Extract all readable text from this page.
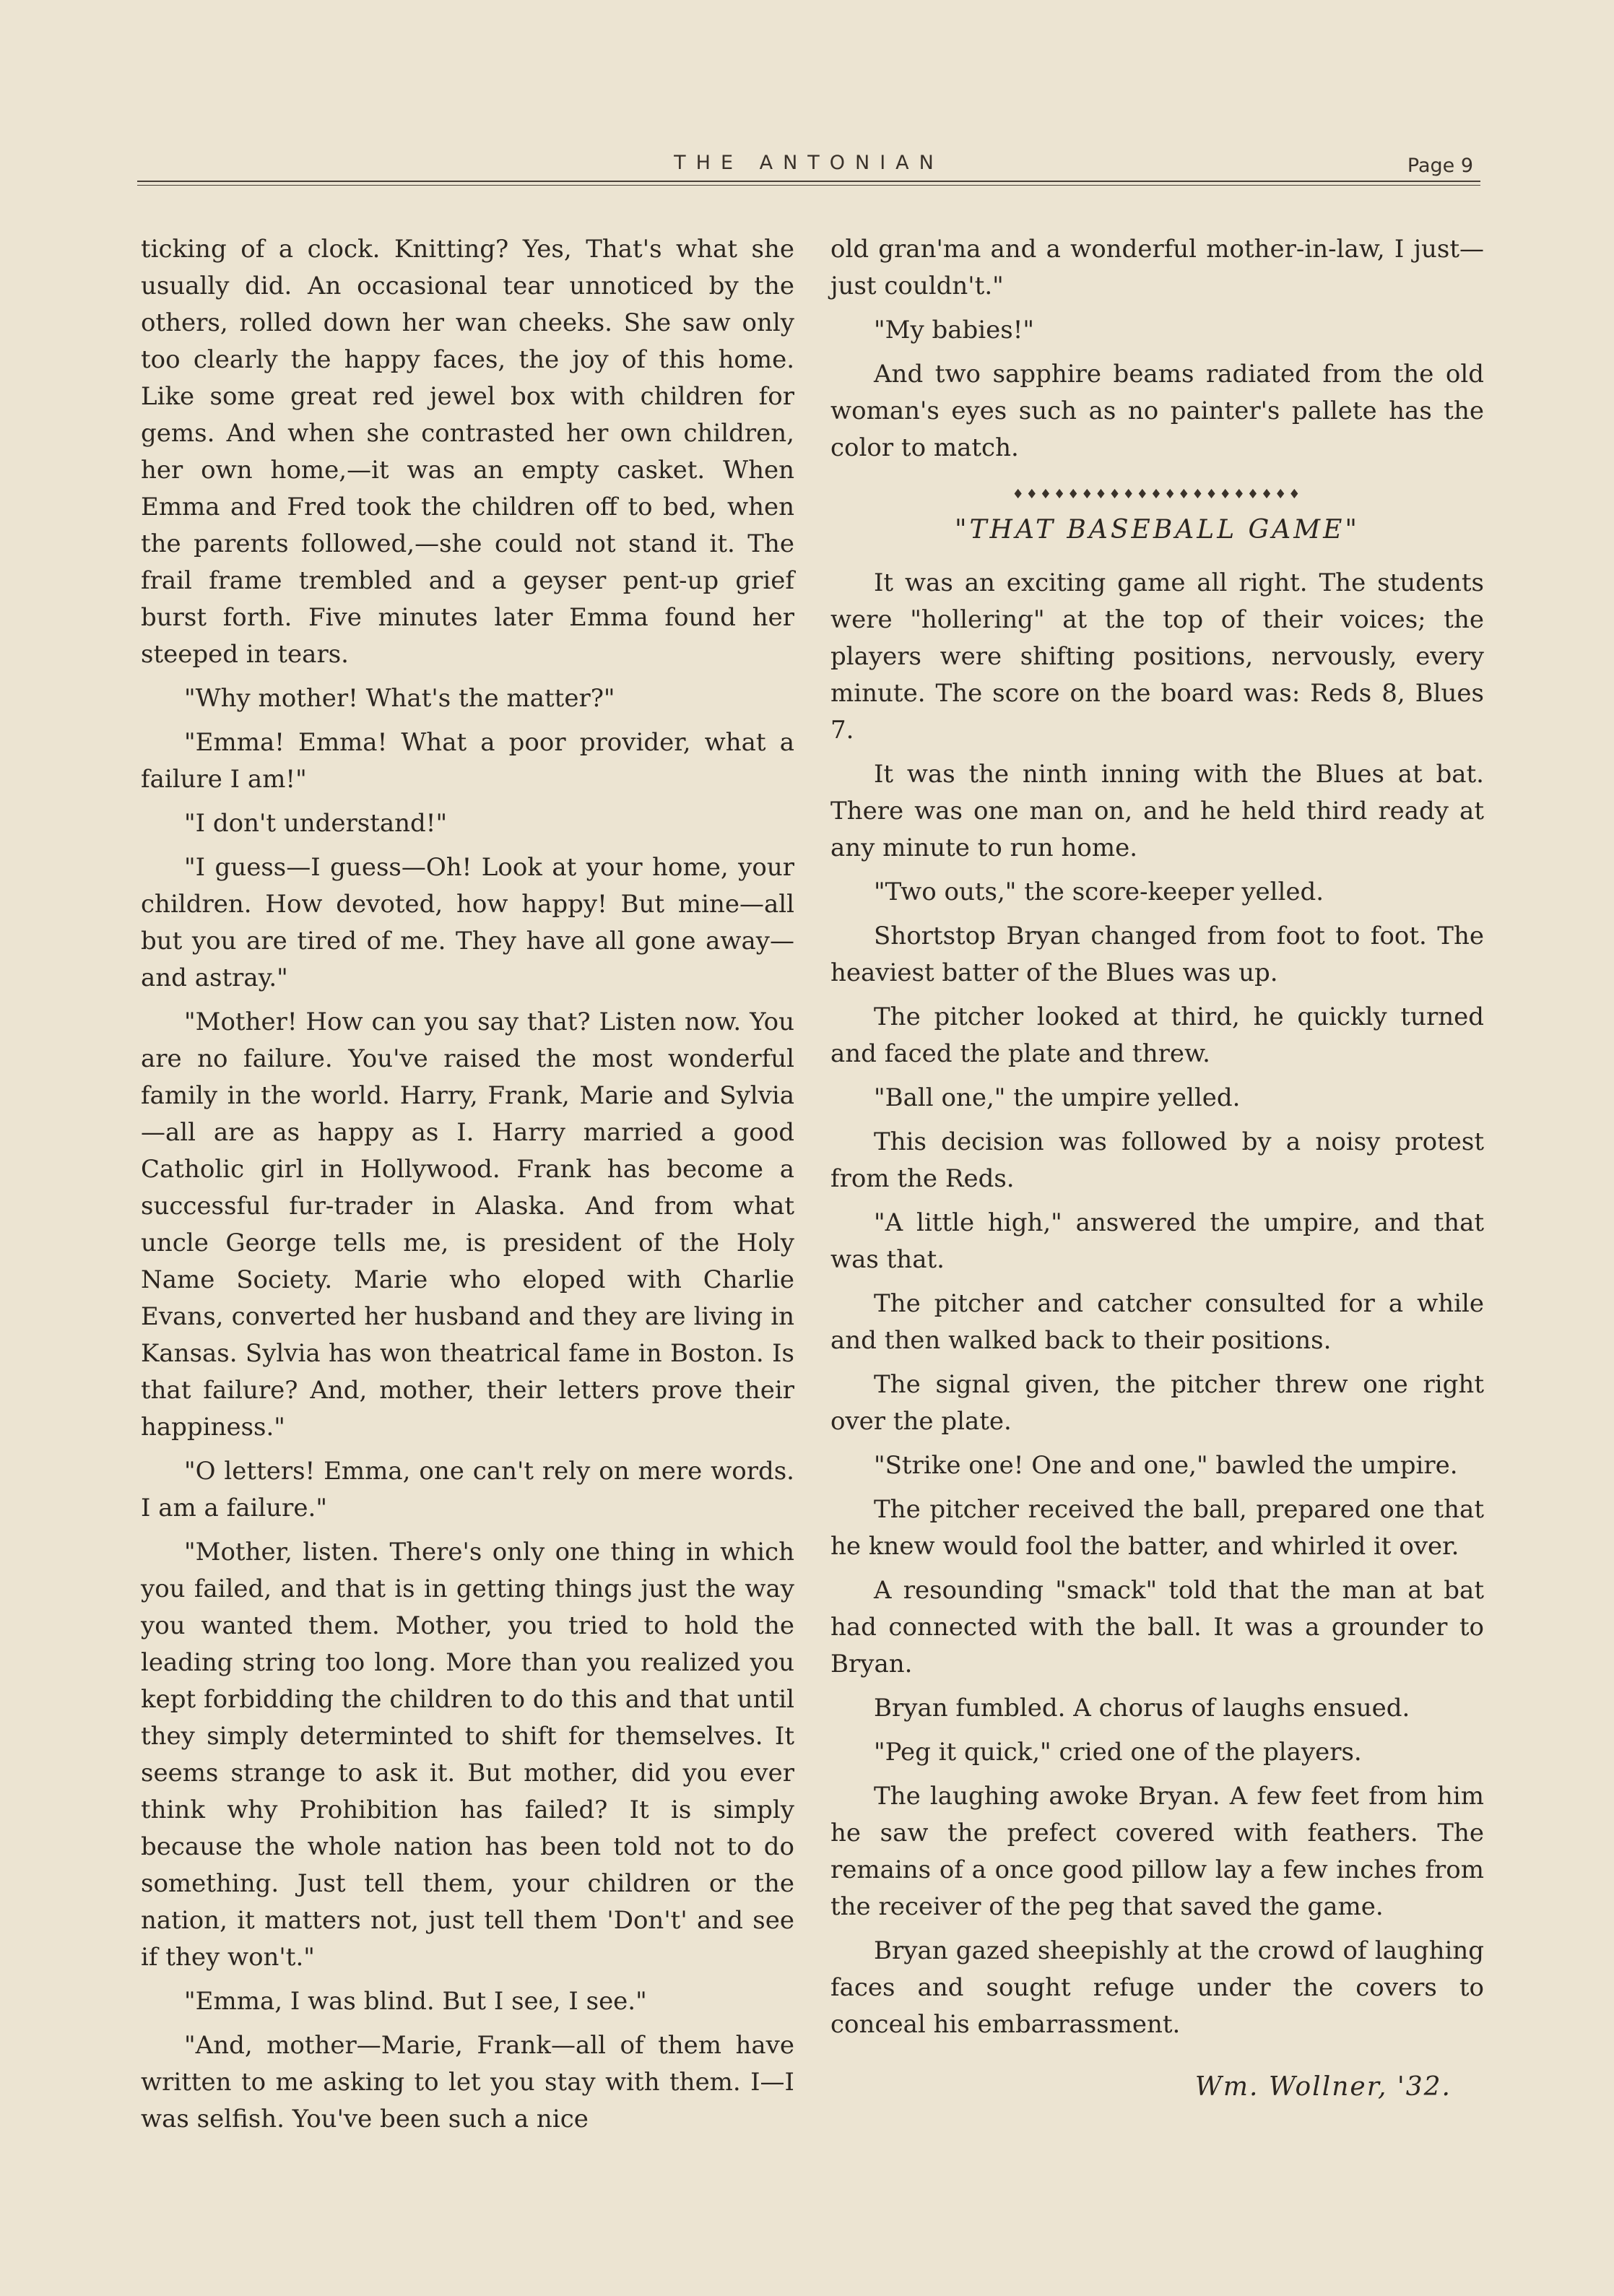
THE ANTONIAN	Page 9

ticking of a clock. Knitting? Yes, That's what she usually did. An occasional tear unnoticed by the others, rolled down her wan cheeks. She saw only too clearly the happy faces, the joy of this home. Like some great red jewel box with children for gems. And when she contrasted her own children, her own home,—it was an empty casket. When Emma and Fred took the children off to bed, when the parents followed,—she could not stand it. The frail frame trembled and a geyser pent-up grief burst forth. Five minutes later Emma found her steeped in tears.

"Why mother! What's the matter?"

"Emma! Emma! What a poor provider, what a failure I am!"

"I don't understand!"

"I guess—I guess—Oh! Look at your home, your children. How devoted, how happy! But mine—all but you are tired of me. They have all gone away—and astray."

"Mother! How can you say that? Listen now. You are no failure. You've raised the most wonderful family in the world. Harry, Frank, Marie and Sylvia—all are as happy as I. Harry married a good Catholic girl in Hollywood. Frank has become a successful fur-trader in Alaska. And from what uncle George tells me, is president of the Holy Name Society. Marie who eloped with Charlie Evans, converted her husband and they are living in Kansas. Sylvia has won theatrical fame in Boston. Is that failure? And, mother, their letters prove their happiness."

"O letters! Emma, one can't rely on mere words. I am a failure."

"Mother, listen. There's only one thing in which you failed, and that is in getting things just the way you wanted them. Mother, you tried to hold the leading string too long. More than you realized you kept forbidding the children to do this and that until they simply determinted to shift for themselves. It seems strange to ask it. But mother, did you ever think why Prohibition has failed? It is simply because the whole nation has been told not to do something. Just tell them, your children or the nation, it matters not, just tell them 'Don't' and see if they won't."

"Emma, I was blind. But I see, I see."

"And, mother—Marie, Frank—all of them have written to me asking to let you stay with them. I—I was selfish. You've been such a nice

old gran'ma and a wonderful mother-in-law, I just—just couldn't."

"My babies!"

And two sapphire beams radiated from the old woman's eyes such as no painter's pallete has the color to match.

♦♦♦♦♦♦♦♦♦♦♦♦♦♦♦♦♦♦♦♦♦
"THAT BASEBALL GAME"

It was an exciting game all right. The students were "hollering" at the top of their voices; the players were shifting positions, nervously, every minute. The score on the board was: Reds 8, Blues 7.

It was the ninth inning with the Blues at bat. There was one man on, and he held third ready at any minute to run home.

"Two outs," the score-keeper yelled.

Shortstop Bryan changed from foot to foot. The heaviest batter of the Blues was up.

The pitcher looked at third, he quickly turned and faced the plate and threw.

"Ball one," the umpire yelled.

This decision was followed by a noisy protest from the Reds.

"A little high," answered the umpire, and that was that.

The pitcher and catcher consulted for a while and then walked back to their positions.

The signal given, the pitcher threw one right over the plate.

"Strike one! One and one," bawled the umpire.

The pitcher received the ball, prepared one that he knew would fool the batter, and whirled it over.

A resounding "smack" told that the man at bat had connected with the ball. It was a grounder to Bryan.

Bryan fumbled. A chorus of laughs ensued.

"Peg it quick," cried one of the players.

The laughing awoke Bryan. A few feet from him he saw the prefect covered with feathers. The remains of a once good pillow lay a few inches from the receiver of the peg that saved the game.

Bryan gazed sheepishly at the crowd of laughing faces and sought refuge under the covers to conceal his embarrassment.

Wm. Wollner, '32.
